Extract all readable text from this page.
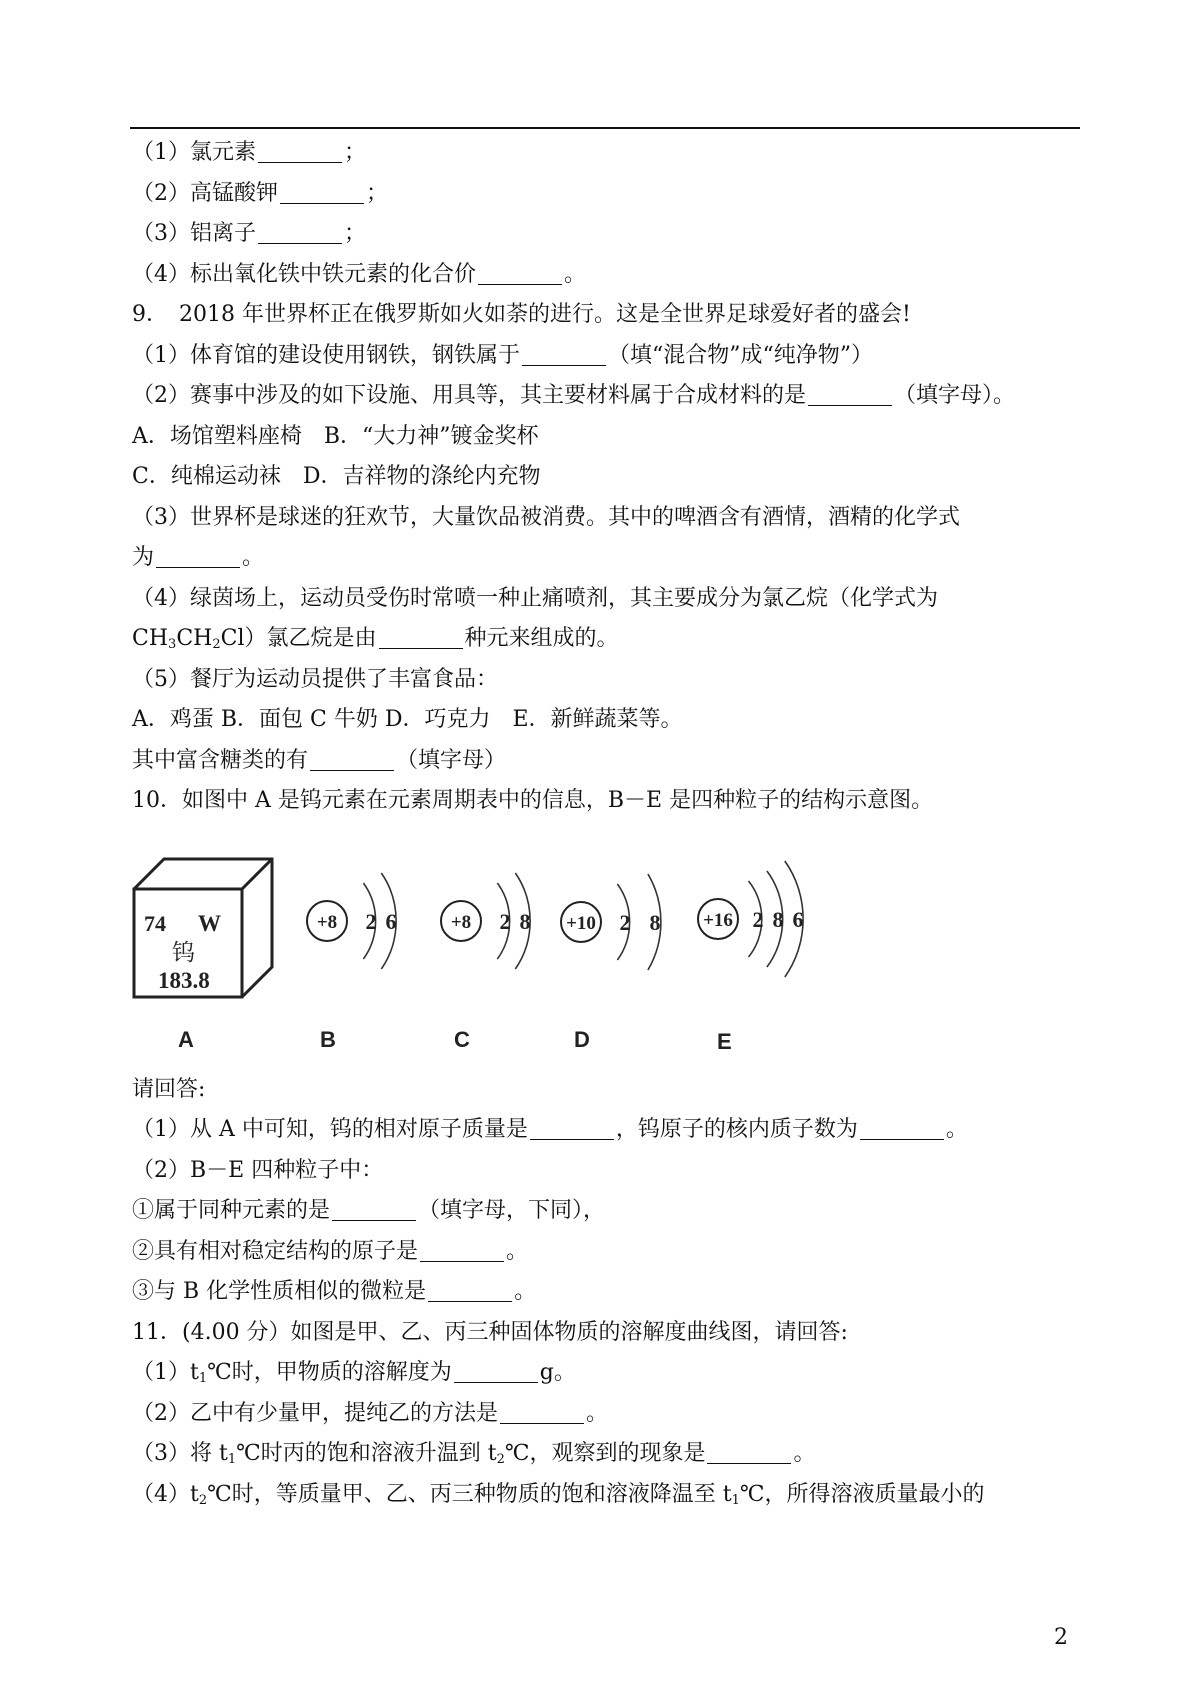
（1）氯元素	；
（2）高锰酸钾	；
（3）铝离子	；
（4）标出氧化铁中铁元素的化合价	。
9．　2018 年世界杯正在俄罗斯如火如荼的进行。这是全世界足球爱好者的盛会!
（1）体育馆的建设使用钢铁，钢铁属于	（填“混合物”成“纯净物”）
（2）赛事中涉及的如下设施、用具等，其主要材料属于合成材料的是	（填字母）。
A．场馆塑料座椅　B．“大力神”镀金奖杯
C．纯棉运动袜　D．吉祥物的涤纶内充物
（3）世界杯是球迷的狂欢节，大量饮品被消费。其中的啤酒含有酒情，酒精的化学式
为	。
（4）绿茵场上，运动员受伤时常喷一种止痛喷剂，其主要成分为氯乙烷（化学式为
$CH_3CH_2Cl$）氯乙烷是由	种元来组成的。
（5）餐厅为运动员提供了丰富食品：
A．鸡蛋 B．面包 C 牛奶 D．巧克力　E．新鲜蔬菜等。
其中富含糖类的有	（填字母）
10．如图中 A 是钨元素在元素周期表中的信息，B－E 是四种粒子的结构示意图。
74 W
钨
183.8
+8 2 6	+8 2 8 +10 2 8 +16 2 8 6
A	B	C	D	E
请回答:
（1）从 A 中可知，钨的相对原子质量是	，钨原子的核内质子数为	。
（2）B－E 四种粒子中：
①属于同种元素的是	（填字母，下同），
②具有相对稳定结构的原子是	。
③与 B 化学性质相似的微粒是	。
11．(4.00 分）如图是甲、乙、丙三种固体物质的溶解度曲线图，请回答:
$(1)t_1℃$时，甲物质的溶解度为	g。
（2）乙中有少量甲，提纯乙的方法是	。
（3）将 $t_1℃$时丙的饱和溶液升温到 $t_2℃$，观察到的现象是	。
$(4)t_2℃$时，等质量甲、乙、丙三种物质的饱和溶液降温至 $t_1℃$，所得溶液质量最小的
2
